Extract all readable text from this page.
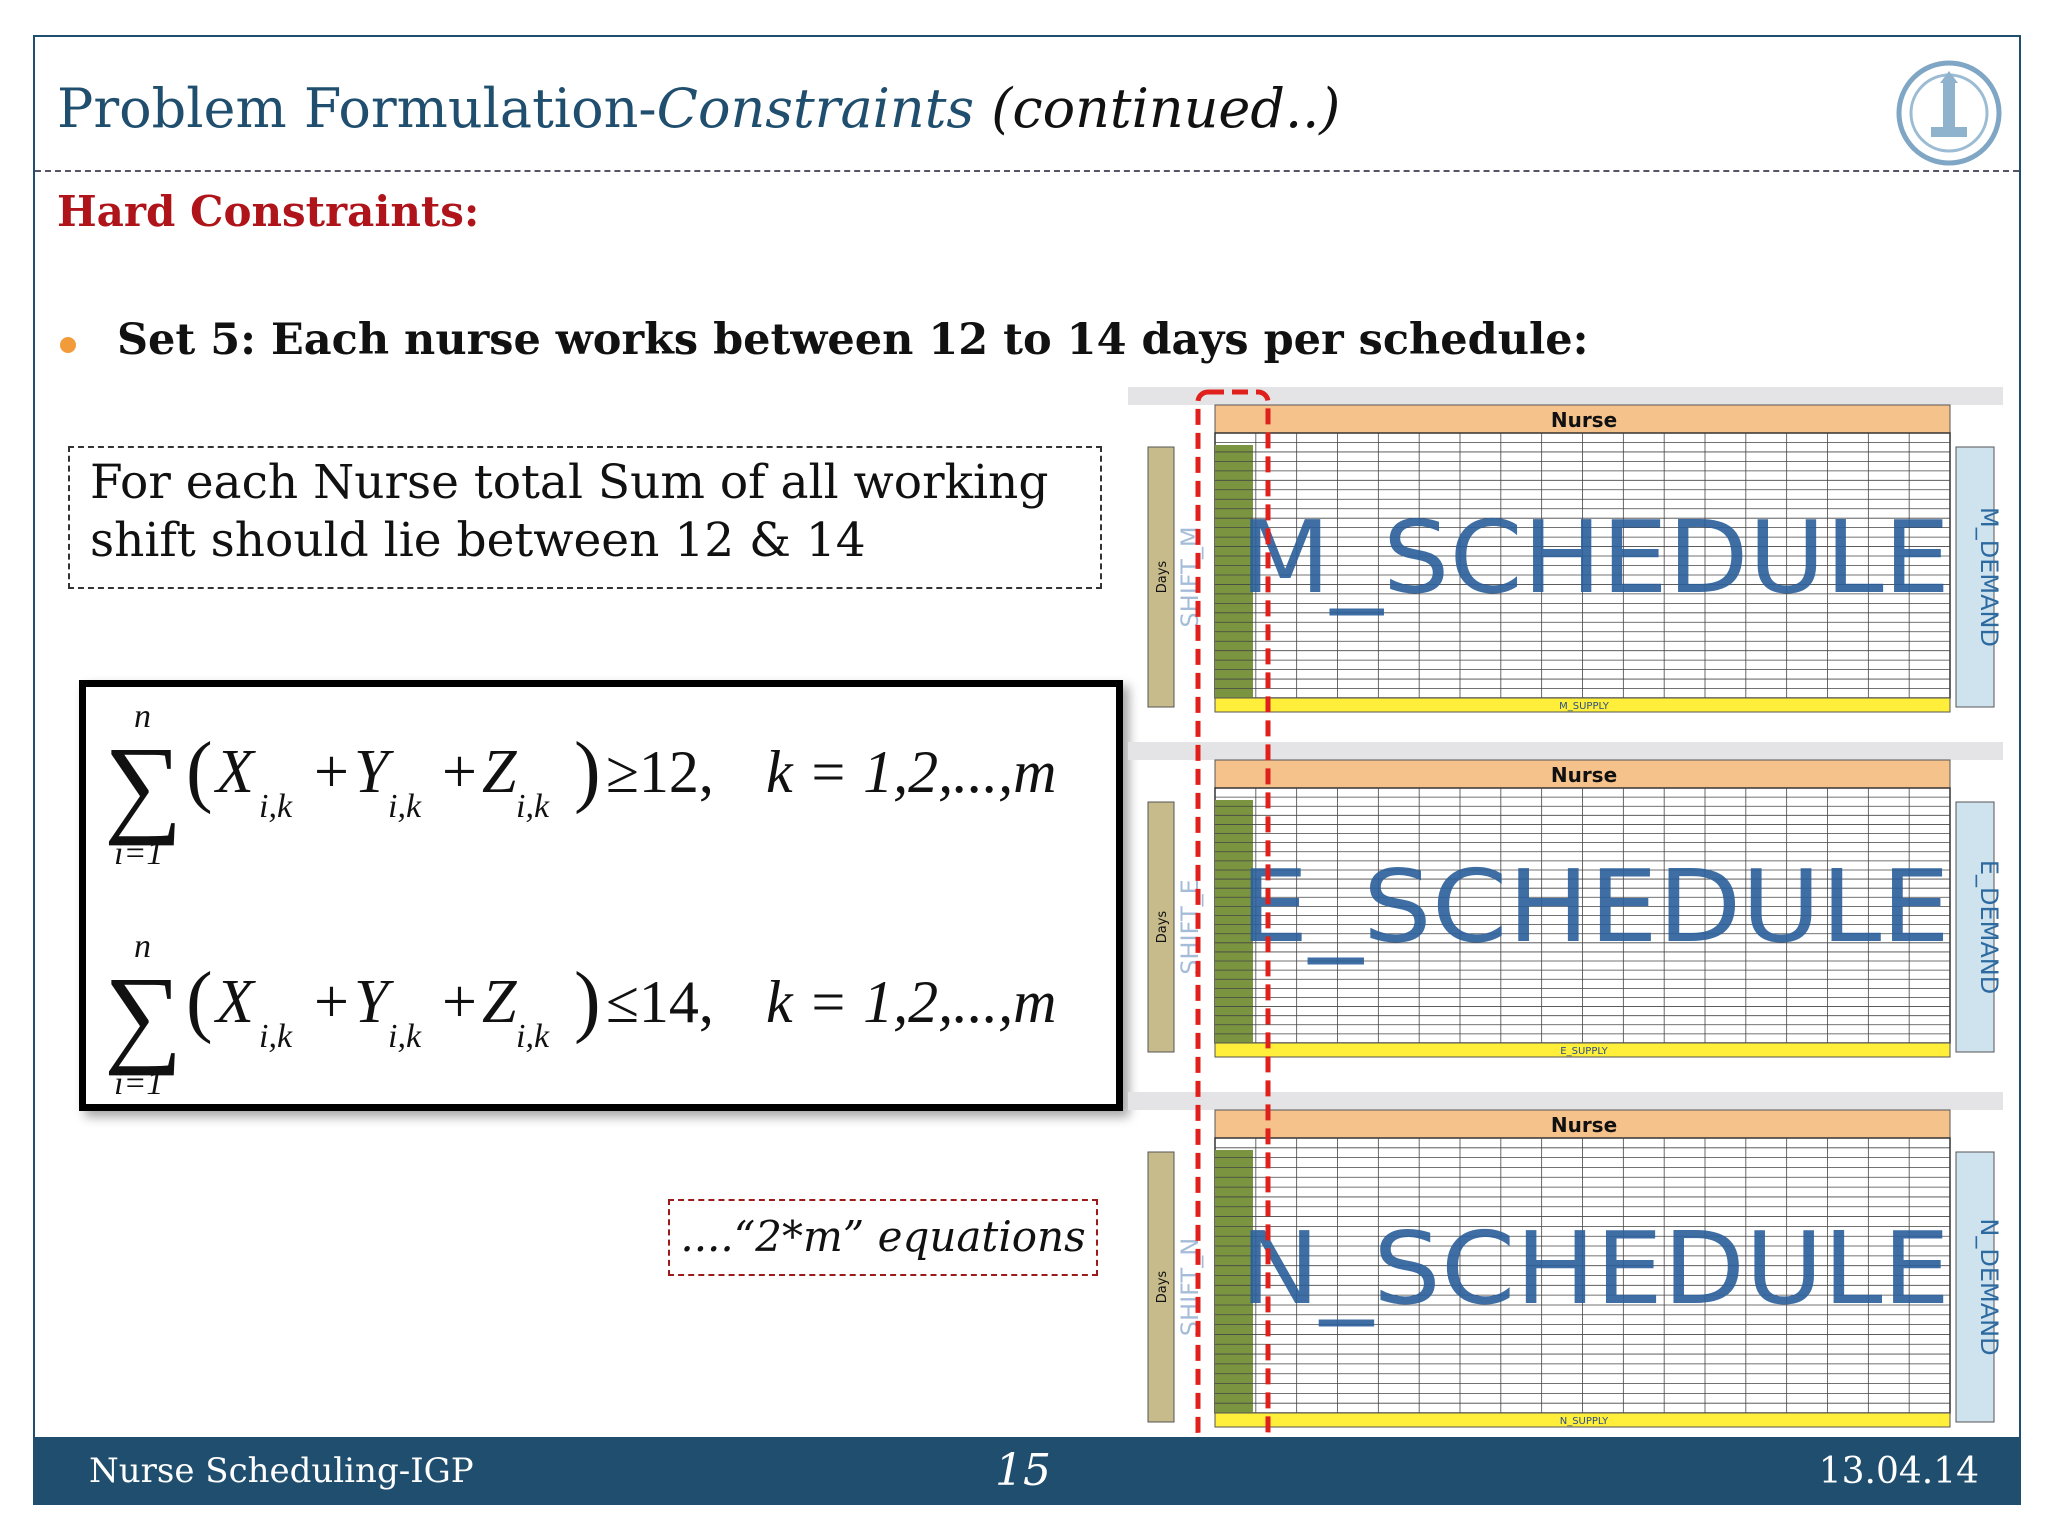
Problem Formulation-Constraints (continued..)
Hard Constraints:
Set 5: Each nurse works between 12 to 14 days per schedule:
For each Nurse total Sum of all working shift should lie between 12 & 14
n
∑
i=1
( X
i,k
+ Y
i,k
+ Z
i,k ) ≥12, k = 1,2,...,m
n
∑
i=1
( X
i,k
+ Y
i,k
+ Z
i,k ) ≤14, k = 1,2,...,m
....“2*m” equations
Nurse
Days
M_SUPPLY
M_DEMAND
SHIFT_M M_SCHEDULE
Nurse
Days
E_SUPPLY
E_DEMAND
SHIFT_E E_SCHEDULE
Nurse
Days
N_SUPPLY
N_DEMAND
SHIFT_N N_SCHEDULE
Nurse Scheduling-IGP	15	13.04.14
